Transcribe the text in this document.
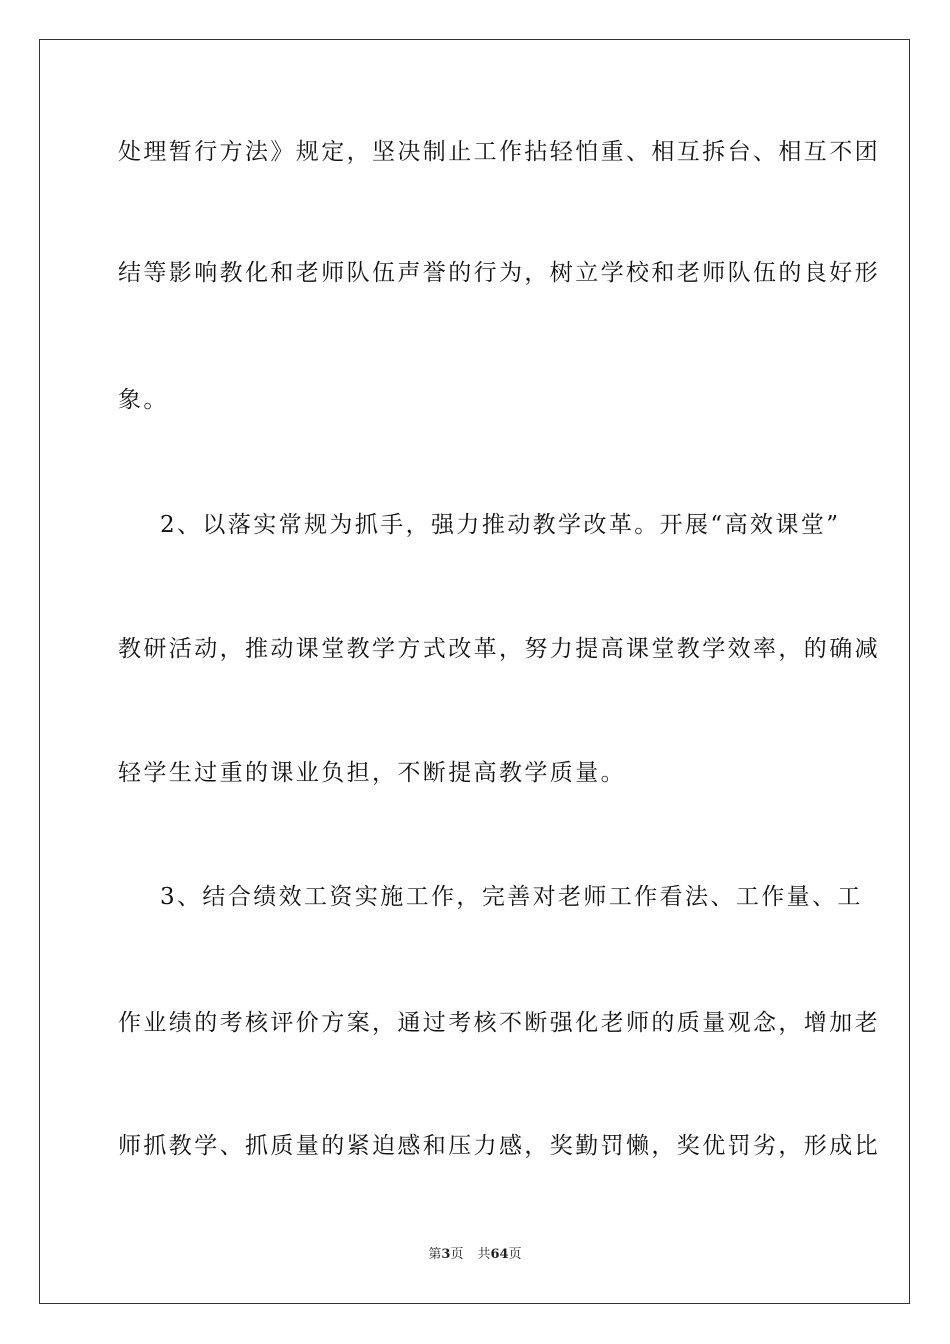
处理暂行方法》规定，坚决制止工作拈轻怕重、相互拆台、相互不团
结等影响教化和老师队伍声誉的行为，树立学校和老师队伍的良好形
象。
2、以落实常规为抓手，强力推动教学改革。开展“高效课堂”
教研活动，推动课堂教学方式改革，努力提高课堂教学效率，的确减
轻学生过重的课业负担，不断提高教学质量。
3、结合绩效工资实施工作，完善对老师工作看法、工作量、工
作业绩的考核评价方案，通过考核不断强化老师的质量观念，增加老
师抓教学、抓质量的紧迫感和压力感，奖勤罚懒，奖优罚劣，形成比
第3页 共64页
